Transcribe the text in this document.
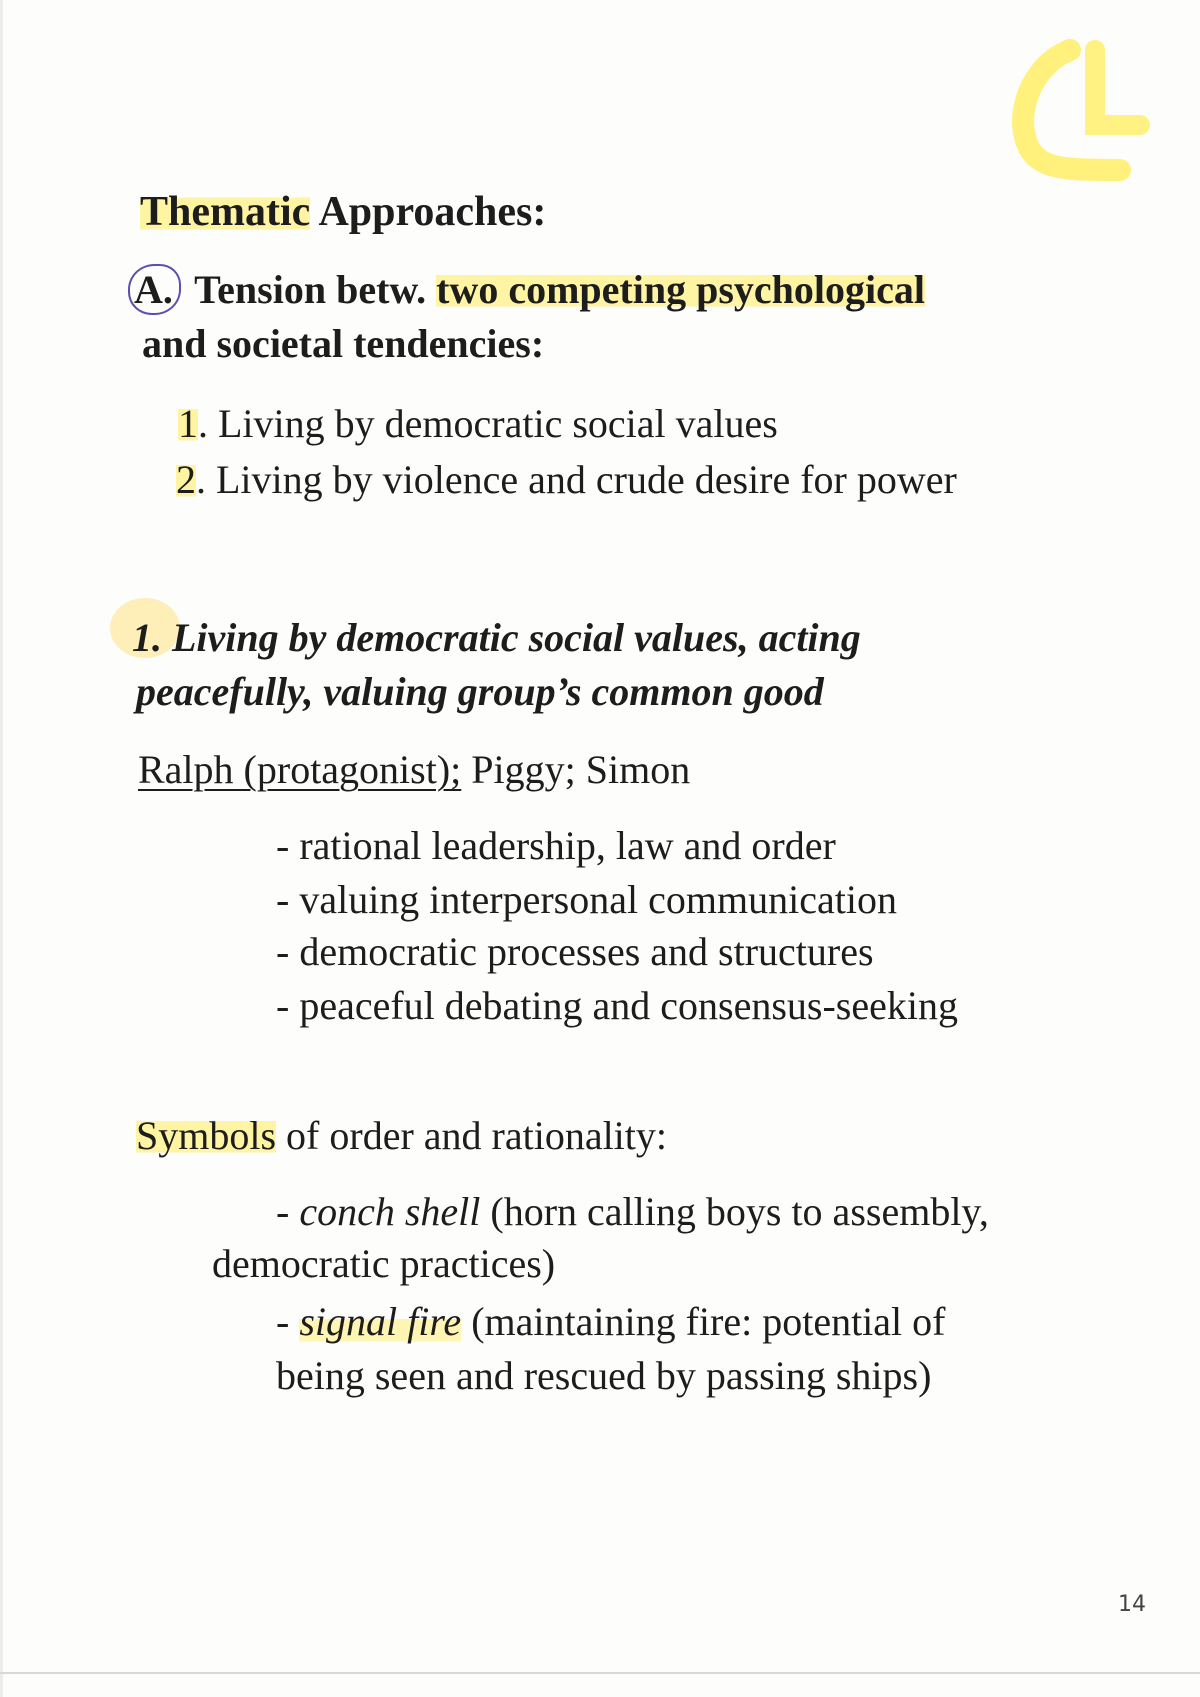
Thematic Approaches:
A. Tension betw. two competing psychological
and societal tendencies:
1. Living by democratic social values
2. Living by violence and crude desire for power
1. Living by democratic social values, acting
peacefully, valuing group’s common good
Ralph (protagonist); Piggy; Simon
- rational leadership, law and order
- valuing interpersonal communication
- democratic processes and structures
- peaceful debating and consensus-seeking
Symbols of order and rationality:
- conch shell (horn calling boys to assembly,
democratic practices)
- signal fire (maintaining fire: potential of
being seen and rescued by passing ships)
14
